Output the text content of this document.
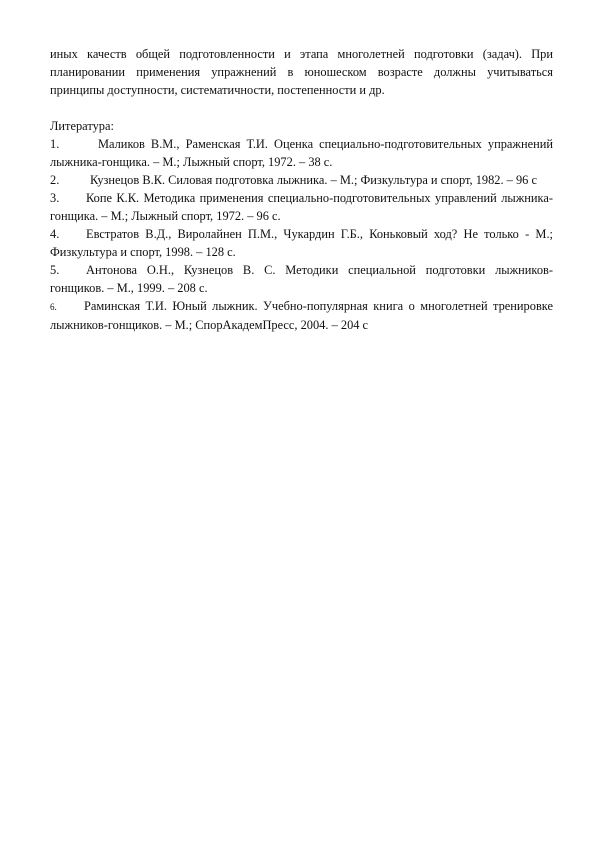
иных качеств общей подготовленности и этапа многолетней подготовки (задач). При планировании применения упражнений в юношеском возрасте должны учитываться принципы доступности, систематичности, постепенности и др.

Литература:

1.	Маликов В.М., Раменская Т.И. Оценка специально-подготовительных упражнений лыжника-гонщика. – М.; Лыжный спорт, 1972. – 38 с.

2. Кузнецов В.К. Силовая подготовка лыжника. – М.; Физкультура и спорт, 1982. – 96 с

3. Копе К.К. Методика применения специально-подготовительных управлений лыжника-гонщика. – М.; Лыжный спорт, 1972. – 96 с.

4. Евстратов В.Д., Виролайнен П.М., Чукардин Г.Б., Коньковый ход? Не только - М.; Физкультура и спорт, 1998. – 128 с.

5. Антонова О.Н., Кузнецов В. С. Методики специальной подготовки лыжников-гонщиков. – М., 1999. – 208 с.

6. Раминская Т.И. Юный лыжник. Учебно-популярная книга о многолетней тренировке лыжников-гонщиков. – М.; СпорАкадемПресс, 2004. – 204 с
